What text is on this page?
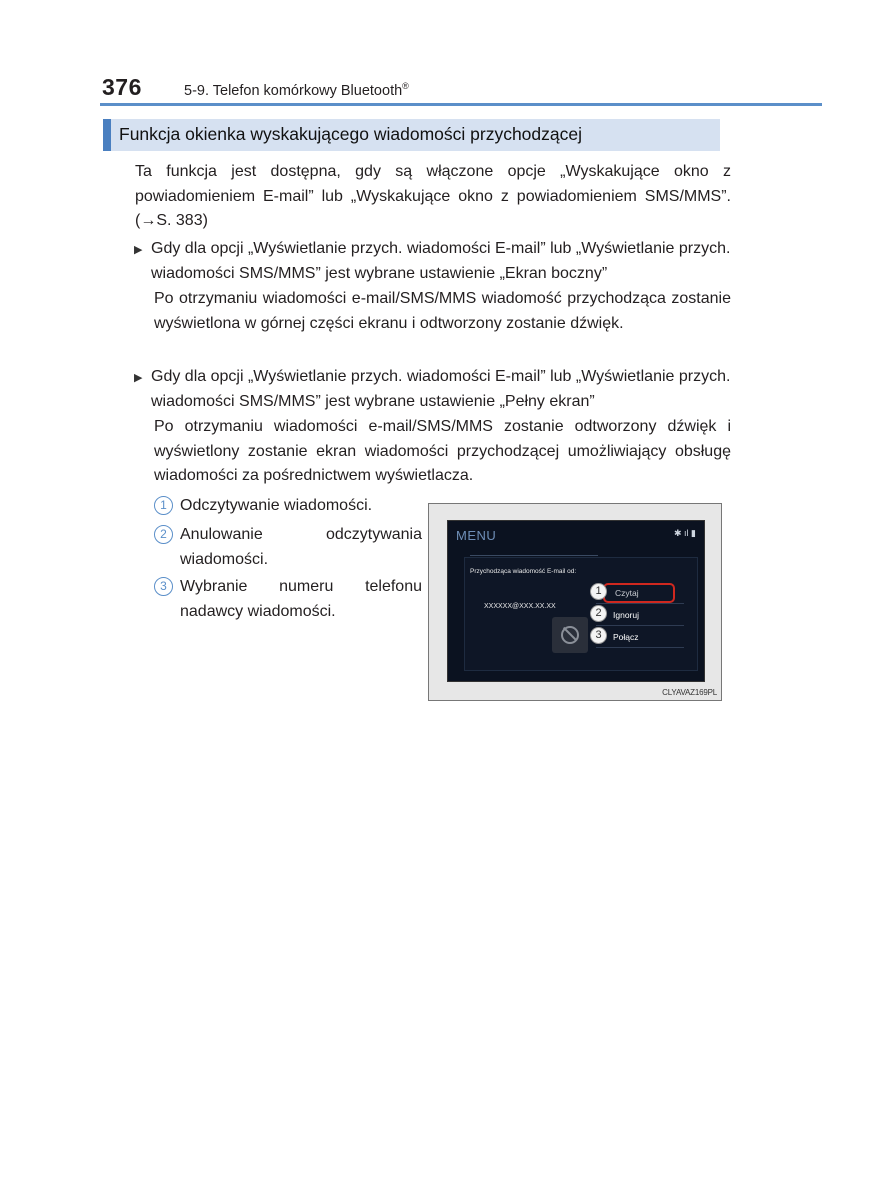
376	5-9. Telefon komórkowy Bluetooth®
Funkcja okienka wyskakującego wiadomości przychodzącej
Ta funkcja jest dostępna, gdy są włączone opcje „Wyskakujące okno z powiadomieniem E-mail” lub „Wyskakujące okno z powiadomieniem SMS/MMS”. (→S. 383)
▶ Gdy dla opcji „Wyświetlanie przych. wiadomości E-mail” lub „Wyświetlanie przych. wiadomości SMS/MMS” jest wybrane ustawienie „Ekran boczny”
Po otrzymaniu wiadomości e-mail/SMS/MMS wiadomość przychodząca zostanie wyświetlona w górnej części ekranu i odtworzony zostanie dźwięk.
▶ Gdy dla opcji „Wyświetlanie przych. wiadomości E-mail” lub „Wyświetlanie przych. wiadomości SMS/MMS” jest wybrane ustawienie „Pełny ekran”
Po otrzymaniu wiadomości e-mail/SMS/MMS zostanie odtworzony dźwięk i wyświetlony zostanie ekran wiadomości przychodzącej umożliwiający obsługę wiadomości za pośrednictwem wyświetlacza.
1 Odczytywanie wiadomości.
2 Anulowanie odczytywania wiadomości.
3 Wybranie numeru telefonu nadawcy wiadomości.
MENU	✱ ıl ▮
Przychodząca wiadomość E-mail od:
XXXXXX@XXX.XX.XX
Czytaj
Ignoruj
Połącz
1
2
3
CLYAVAZ169PL
